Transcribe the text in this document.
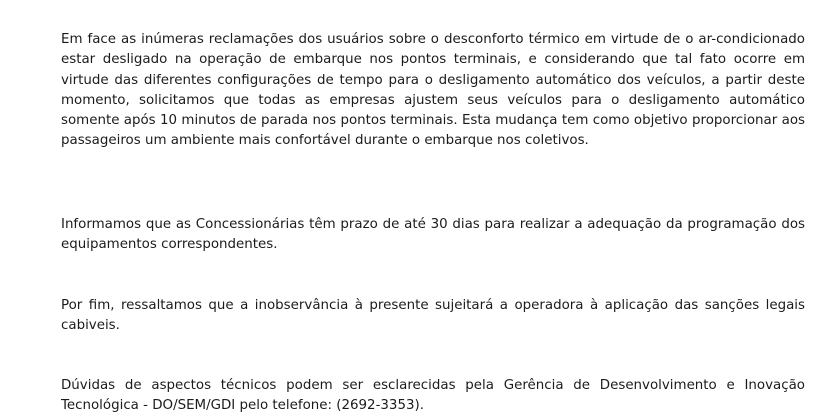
Em face as inúmeras reclamações dos usuários sobre o desconforto térmico em virtude de o ar-condicionado estar desligado na operação de embarque nos pontos terminais, e considerando que tal fato ocorre em virtude das diferentes configurações de tempo para o desligamento automático dos veículos, a partir deste momento, solicitamos que todas as empresas ajustem seus veículos para o desligamento automático somente após 10 minutos de parada nos pontos terminais. Esta mudança tem como objetivo proporcionar aos passageiros um ambiente mais confortável durante o embarque nos coletivos.

Informamos que as Concessionárias têm prazo de até 30 dias para realizar a adequação da programação dos equipamentos correspondentes.

Por fim, ressaltamos que a inobservância à presente sujeitará a operadora à aplicação das sanções legais cabiveis.

Dúvidas de aspectos técnicos podem ser esclarecidas pela Gerência de Desenvolvimento e Inovação Tecnológica - DO/SEM/GDI pelo telefone: (2692-3353).
